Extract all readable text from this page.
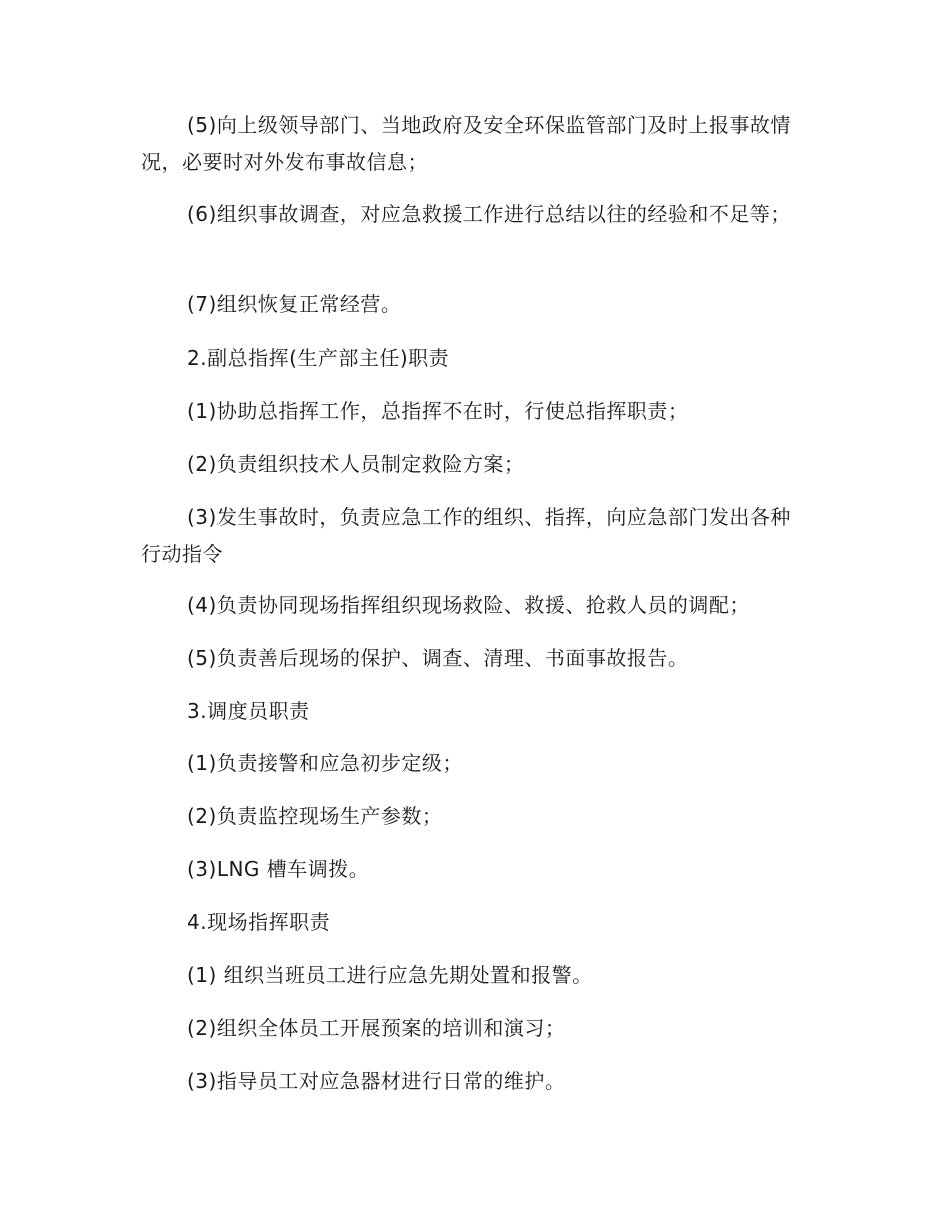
(5)向上级领导部门、当地政府及安全环保监管部门及时上报事故情况，必要时对外发布事故信息；

(6)组织事故调查，对应急救援工作进行总结以往的经验和不足等；

(7)组织恢复正常经营。

2.副总指挥(生产部主任)职责

(1)协助总指挥工作，总指挥不在时，行使总指挥职责；

(2)负责组织技术人员制定救险方案；

(3)发生事故时，负责应急工作的组织、指挥，向应急部门发出各种行动指令

(4)负责协同现场指挥组织现场救险、救援、抢救人员的调配；

(5)负责善后现场的保护、调查、清理、书面事故报告。

3.调度员职责

(1)负责接警和应急初步定级；

(2)负责监控现场生产参数；

(3)LNG 槽车调拨。

4.现场指挥职责

(1) 组织当班员工进行应急先期处置和报警。

(2)组织全体员工开展预案的培训和演习；

(3)指导员工对应急器材进行日常的维护。
